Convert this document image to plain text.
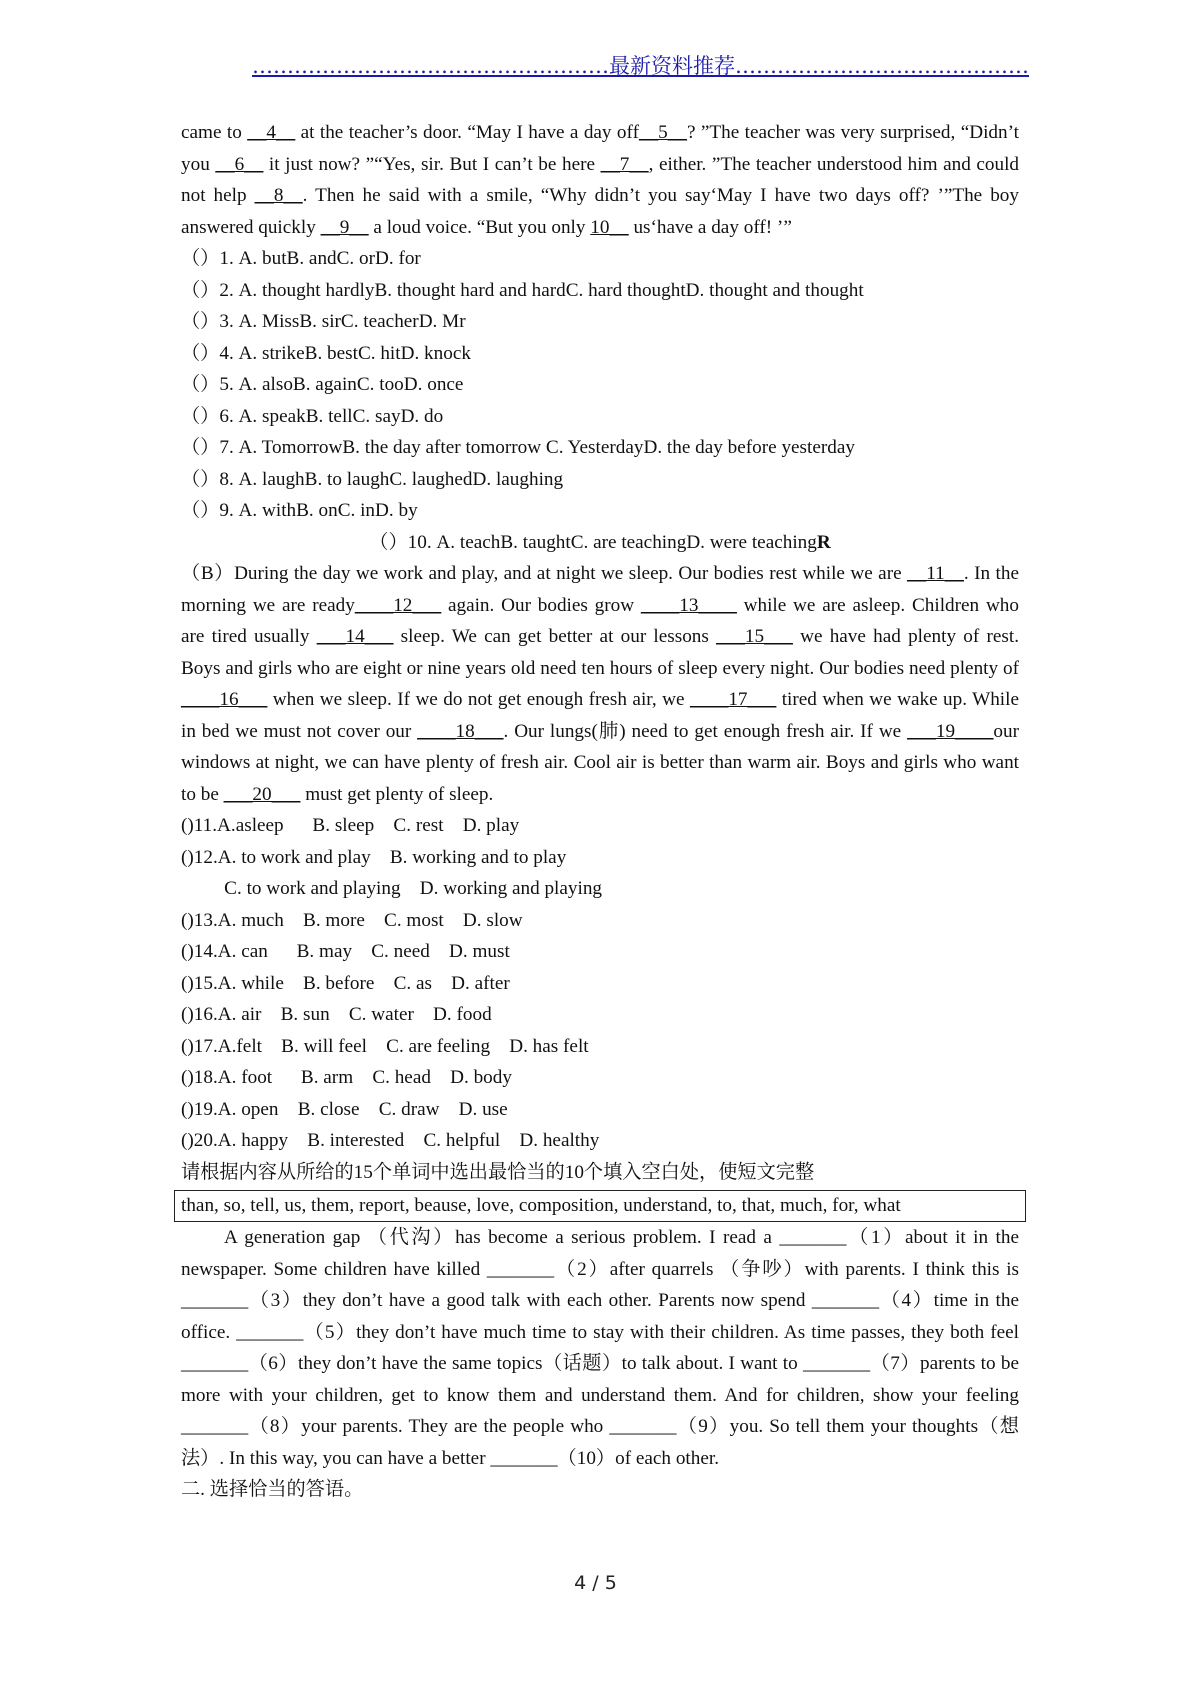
……………………………………………最新资料推荐……………………………………

came to __4__ at the teacher’s door. “May I have a day off__5__? ”The teacher was very surprised, “Didn’t you __6__ it just now? ”“Yes, sir. But I can’t be here __7__, either. ”The teacher understood him and could not help __8__. Then he said with a smile, “Why didn’t you say‘May I have two days off? ’”The boy answered quickly __9__ a loud voice. “But you only 10__ us‘have a day off! ’”

（）1. A. butB. andC. orD. for

（）2. A. thought hardlyB. thought hard and hardC. hard thoughtD. thought and thought

（）3. A. MissB. sirC. teacherD. Mr

（）4. A. strikeB. bestC. hitD. knock

（）5. A. alsoB. againC. tooD. once

（）6. A. speakB. tellC. sayD. do

（）7. A. TomorrowB. the day after tomorrow C. YesterdayD. the day before yesterday

（）8. A. laughB. to laughC. laughedD. laughing

（）9. A. withB. onC. inD. by

（）10. A. teachB. taughtC. are teachingD. were teachingR

（B）During the day we work and play, and at night we sleep. Our bodies rest while we are __11__. In the morning we are ready____12___ again. Our bodies grow ____13____ while we are asleep. Children who are tired usually ___14___ sleep. We can get better at our lessons ___15___ we have had plenty of rest. Boys and girls who are eight or nine years old need ten hours of sleep every night. Our bodies need plenty of ____16___ when we sleep. If we do not get enough fresh air, we ____17___ tired when we wake up. While in bed we must not cover our ____18___. Our lungs(肺) need to get enough fresh air. If we ___19____our windows at night, we can have plenty of fresh air. Cool air is better than warm air. Boys and girls who want to be ___20___ must get plenty of sleep.

()11.A.asleep      B. sleep    C. rest    D. play

()12.A. to work and play    B. working and to play

C. to work and playing    D. working and playing

()13.A. much    B. more    C. most    D. slow

()14.A. can      B. may    C. need    D. must

()15.A. while    B. before    C. as    D. after

()16.A. air    B. sun    C. water    D. food

()17.A.felt    B. will feel    C. are feeling    D. has felt

()18.A. foot      B. arm    C. head    D. body

()19.A. open    B. close    C. draw    D. use

()20.A. happy    B. interested    C. helpful    D. healthy

请根据内容从所给的15个单词中选出最恰当的10个填入空白处，使短文完整

than, so, tell, us, them, report, beause, love, composition, understand, to, that, much, for, what

A generation gap （代沟）has become a serious problem. I read a _______（1）about it in the newspaper. Some children have killed _______（2）after quarrels （争吵）with parents. I think this is _______（3）they don’t have a good talk with each other. Parents now spend _______（4）time in the office. _______（5）they don’t have much time to stay with their children. As time passes, they both feel _______（6）they don’t have the same topics（话题）to talk about. I want to _______（7）parents to be more with your children, get to know them and understand them. And for children, show your feeling _______（8）your parents. They are the people who _______（9）you. So tell them your thoughts（想法）. In this way, you can have a better _______（10）of each other.

二. 选择恰当的答语。

4 / 5
